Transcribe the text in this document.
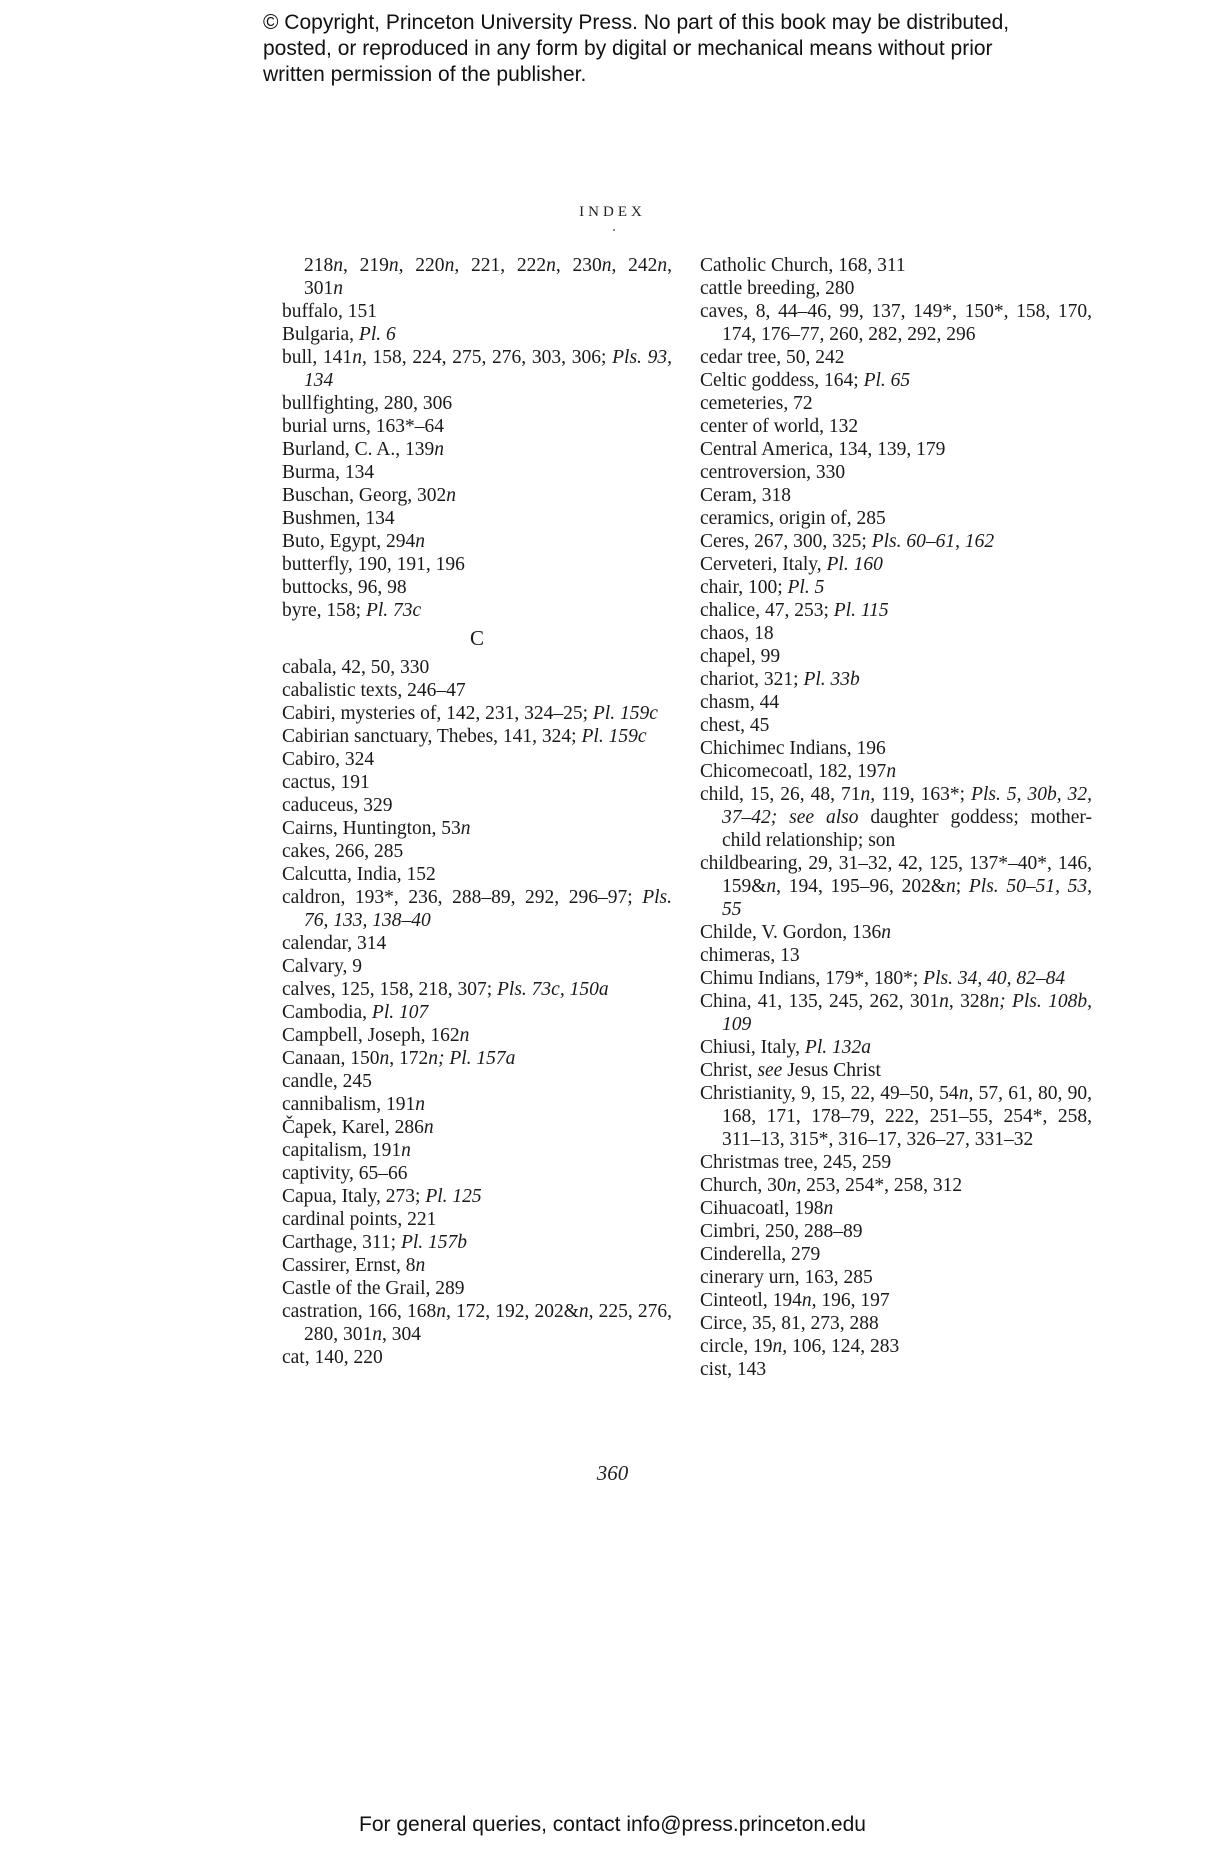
© Copyright, Princeton University Press. No part of this book may be distributed, posted, or reproduced in any form by digital or mechanical means without prior written permission of the publisher.
INDEX
218n, 219n, 220n, 221, 222n, 230n, 242n, 301n
buffalo, 151
Bulgaria, Pl. 6
bull, 141n, 158, 224, 275, 276, 303, 306; Pls. 93, 134
bullfighting, 280, 306
burial urns, 163*–64
Burland, C. A., 139n
Burma, 134
Buschan, Georg, 302n
Bushmen, 134
Buto, Egypt, 294n
butterfly, 190, 191, 196
buttocks, 96, 98
byre, 158; Pl. 73c
C
cabala, 42, 50, 330
cabalistic texts, 246–47
Cabiri, mysteries of, 142, 231, 324–25; Pl. 159c
Cabirian sanctuary, Thebes, 141, 324; Pl. 159c
Cabiro, 324
cactus, 191
caduceus, 329
Cairns, Huntington, 53n
cakes, 266, 285
Calcutta, India, 152
caldron, 193*, 236, 288–89, 292, 296–97; Pls. 76, 133, 138–40
calendar, 314
Calvary, 9
calves, 125, 158, 218, 307; Pls. 73c, 150a
Cambodia, Pl. 107
Campbell, Joseph, 162n
Canaan, 150n, 172n; Pl. 157a
candle, 245
cannibalism, 191n
Čapek, Karel, 286n
capitalism, 191n
captivity, 65–66
Capua, Italy, 273; Pl. 125
cardinal points, 221
Carthage, 311; Pl. 157b
Cassirer, Ernst, 8n
Castle of the Grail, 289
castration, 166, 168n, 172, 192, 202&n, 225, 276, 280, 301n, 304
cat, 140, 220
Catholic Church, 168, 311
cattle breeding, 280
caves, 8, 44–46, 99, 137, 149*, 150*, 158, 170, 174, 176–77, 260, 282, 292, 296
cedar tree, 50, 242
Celtic goddess, 164; Pl. 65
cemeteries, 72
center of world, 132
Central America, 134, 139, 179
centroversion, 330
Ceram, 318
ceramics, origin of, 285
Ceres, 267, 300, 325; Pls. 60–61, 162
Cerveteri, Italy, Pl. 160
chair, 100; Pl. 5
chalice, 47, 253; Pl. 115
chaos, 18
chapel, 99
chariot, 321; Pl. 33b
chasm, 44
chest, 45
Chichimec Indians, 196
Chicomecoatl, 182, 197n
child, 15, 26, 48, 71n, 119, 163*; Pls. 5, 30b, 32, 37–42; see also daughter goddess; mother-child relationship; son
childbearing, 29, 31–32, 42, 125, 137*–40*, 146, 159&n, 194, 195–96, 202&n; Pls. 50–51, 53, 55
Childe, V. Gordon, 136n
chimeras, 13
Chimu Indians, 179*, 180*; Pls. 34, 40, 82–84
China, 41, 135, 245, 262, 301n, 328n; Pls. 108b, 109
Chiusi, Italy, Pl. 132a
Christ, see Jesus Christ
Christianity, 9, 15, 22, 49–50, 54n, 57, 61, 80, 90, 168, 171, 178–79, 222, 251–55, 254*, 258, 311–13, 315*, 316–17, 326–27, 331–32
Christmas tree, 245, 259
Church, 30n, 253, 254*, 258, 312
Cihuacoatl, 198n
Cimbri, 250, 288–89
Cinderella, 279
cinerary urn, 163, 285
Cinteotl, 194n, 196, 197
Circe, 35, 81, 273, 288
circle, 19n, 106, 124, 283
cist, 143
360
For general queries, contact info@press.princeton.edu
